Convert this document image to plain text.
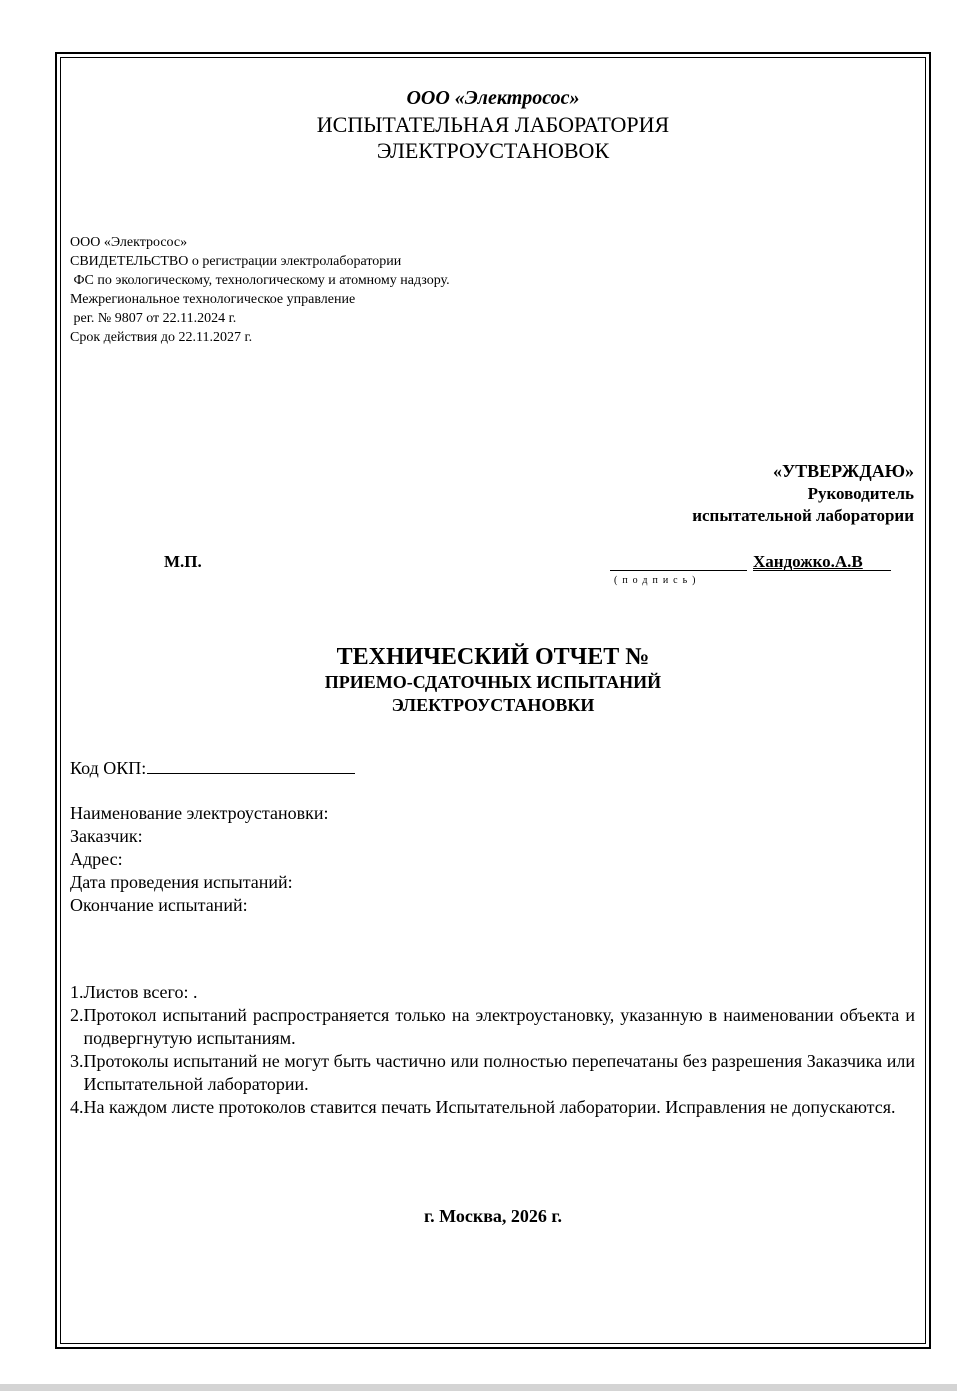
ООО «Электросос»
ИСПЫТАТЕЛЬНАЯ ЛАБОРАТОРИЯ
ЭЛЕКТРОУСТАНОВОК
ООО «Электросос»
СВИДЕТЕЛЬСТВО о регистрации электролаборатории
ФС по экологическому, технологическому и атомному надзору.
Межрегиональное технологическое управление
рег. № 9807 от 22.11.2024 г.
Срок действия до 22.11.2027 г.
«УТВЕРЖДАЮ»
Руководитель
испытательной лаборатории
М.П.	Хандожко.А.В
(подпись)
ТЕХНИЧЕСКИЙ ОТЧЕТ №
ПРИЕМО-СДАТОЧНЫХ ИСПЫТАНИЙ
ЭЛЕКТРОУСТАНОВКИ
Код ОКП:
Наименование электроустановки:
Заказчик:
Адрес:
Дата проведения испытаний:
Окончание испытаний:
1. Листов всего: .
2. Протокол испытаний распространяется только на электроустановку, указанную в наименовании объекта и подвергнутую испытаниям.
3. Протоколы испытаний не могут быть частично или полностью перепечатаны без разрешения Заказчика или Испытательной лаборатории.
4. На каждом листе протоколов ставится печать Испытательной лаборатории. Исправления не допускаются.
г. Москва, 2026 г.
